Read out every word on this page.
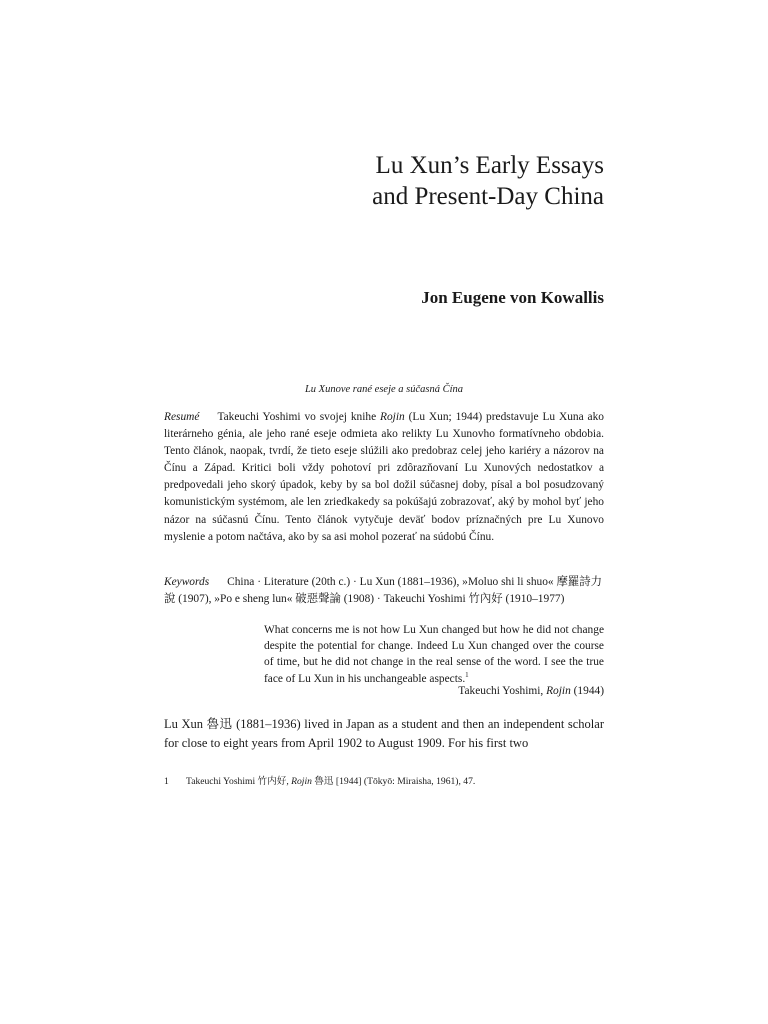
Lu Xun’s Early Essays
and Present-Day China
Jon Eugene von Kowallis
Lu Xunove rané eseje a súčasná Čína

Resumé Takeuchi Yoshimi vo svojej knihe Rojin (Lu Xun; 1944) predstavuje Lu Xuna ako literárneho génia, ale jeho rané eseje odmieta ako relikty Lu Xunovho formatívneho obdobia. Tento článok, naopak, tvrdí, že tieto eseje slúžili ako predobraz celej jeho kariéry a názorov na Čínu a Západ. Kritici boli vždy pohotoví pri zdôrazňovaní Lu Xunových nedostatkov a predpovedali jeho skorý úpadok, keby by sa bol dožil súčasnej doby, písal a bol posudzovaný komunistickým systémom, ale len zriedkakedy sa pokúšajú zobrazovať, aký by mohol byť jeho názor na súčasnú Čínu. Tento článok vytyčuje deväť bodov príznačných pre Lu Xunovo myslenie a potom načtáva, ako by sa asi mohol pozerať na súdobú Čínu.

Keywords China · Literature (20th c.) · Lu Xun (1881–1936), »Moluo shi li shuo« 摩羅詩力說 (1907), »Po e sheng lun« 破惡聲論 (1908) · Takeuchi Yoshimi 竹內好 (1910–1977)

What concerns me is not how Lu Xun changed but how he did not change despite the potential for change. Indeed Lu Xun changed over the course of time, but he did not change in the real sense of the word. I see the true face of Lu Xun in his unchangeable aspects.$^1$

Takeuchi Yoshimi, Rojin (1944)

Lu Xun 魯迅 (1881–1936) lived in Japan as a student and then an independent scholar for close to eight years from April 1902 to August 1909. For his first two

1 Takeuchi Yoshimi 竹内好, Rojin 魯迅 [1944] (Tōkyō: Miraisha, 1961), 47.
